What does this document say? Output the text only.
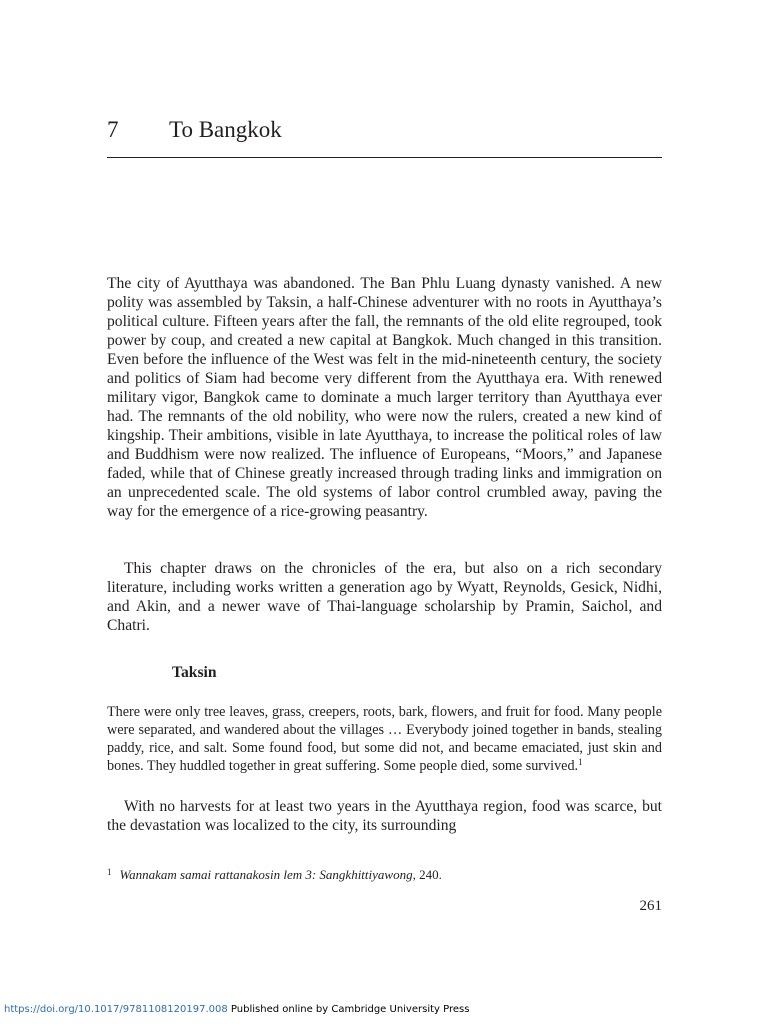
7 To Bangkok

The city of Ayutthaya was abandoned. The Ban Phlu Luang dynasty vanished. A new polity was assembled by Taksin, a half-Chinese adventurer with no roots in Ayutthaya’s political culture. Fifteen years after the fall, the remnants of the old elite regrouped, took power by coup, and created a new capital at Bangkok. Much changed in this transition. Even before the influence of the West was felt in the mid-nineteenth century, the society and politics of Siam had become very different from the Ayutthaya era. With renewed military vigor, Bangkok came to dominate a much larger territory than Ayutthaya ever had. The remnants of the old nobility, who were now the rulers, created a new kind of kingship. Their ambitions, visible in late Ayutthaya, to increase the political roles of law and Buddhism were now realized. The influence of Europeans, “Moors,” and Japanese faded, while that of Chinese greatly increased through trading links and immigration on an unprecedented scale. The old systems of labor control crumbled away, paving the way for the emergence of a rice-growing peasantry.

This chapter draws on the chronicles of the era, but also on a rich secondary literature, including works written a generation ago by Wyatt, Reynolds, Gesick, Nidhi, and Akin, and a newer wave of Thai-language scholarship by Pramin, Saichol, and Chatri.

Taksin
There were only tree leaves, grass, creepers, roots, bark, flowers, and fruit for food. Many people were separated, and wandered about the villages … Everybody joined together in bands, stealing paddy, rice, and salt. Some found food, but some did not, and became emaciated, just skin and bones. They huddled together in great suffering. Some people died, some survived.$^1$

With no harvests for at least two years in the Ayutthaya region, food was scarce, but the devastation was localized to the city, its surrounding

$^1$ Wannakam samai rattanakosin lem 3: Sangkhittiyawong, 240.
261
https://doi.org/10.1017/9781108120197.008 Published online by Cambridge University Press
